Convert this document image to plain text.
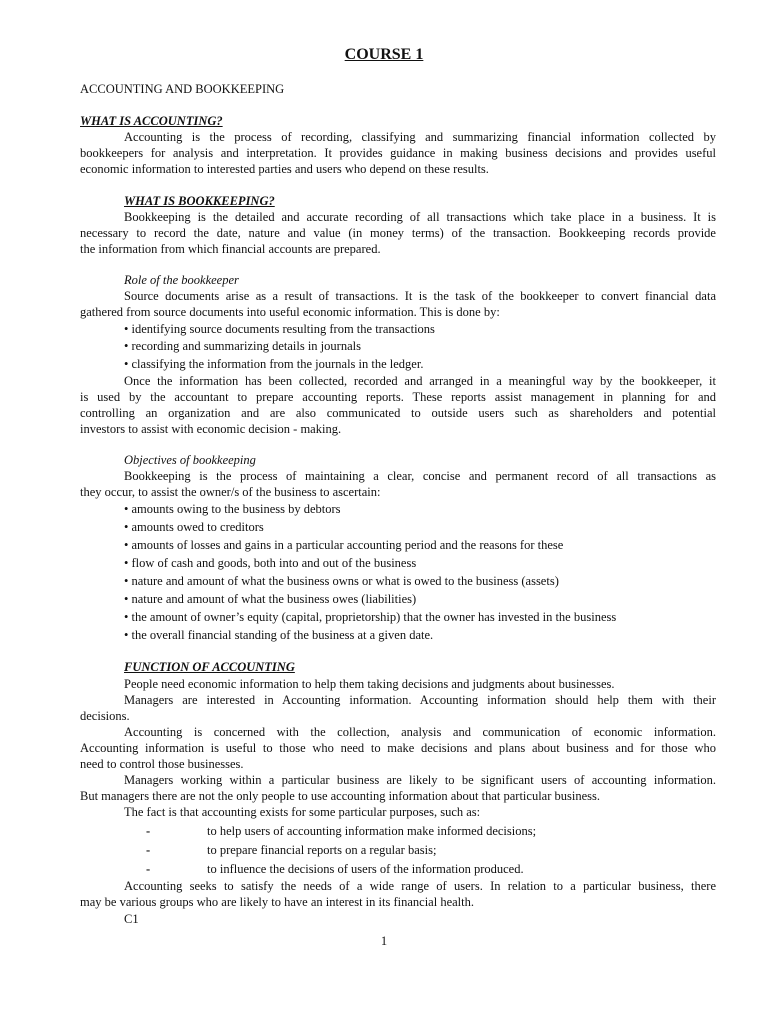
COURSE 1
ACCOUNTING AND BOOKKEEPING
WHAT IS ACCOUNTING?
Accounting is the process of recording, classifying and summarizing financial information collected by
bookkeepers for analysis and interpretation. It provides guidance in making business decisions and provides useful
economic information to interested parties and users who depend on these results.
WHAT IS BOOKKEEPING?
Bookkeeping is the detailed and accurate recording of all transactions which take place in a business. It is
necessary to record the date, nature and value (in money terms) of the transaction. Bookkeeping records provide
the information from which financial accounts are prepared.
Role of the bookkeeper
Source documents arise as a result of transactions. It is the task of the bookkeeper to convert financial data
gathered from source documents into useful economic information. This is done by:
• identifying source documents resulting from the transactions
• recording and summarizing details in journals
• classifying the information from the journals in the ledger.
Once the information has been collected, recorded and arranged in a meaningful way by the bookkeeper, it
is used by the accountant to prepare accounting reports. These reports assist management in planning for and
controlling an organization and are also communicated to outside users such as shareholders and potential
investors to assist with economic decision - making.
Objectives of bookkeeping
Bookkeeping is the process of maintaining a clear, concise and permanent record of all transactions as
they occur, to assist the owner/s of the business to ascertain:
• amounts owing to the business by debtors
• amounts owed to creditors
• amounts of losses and gains in a particular accounting period and the reasons for these
• flow of cash and goods, both into and out of the business
• nature and amount of what the business owns or what is owed to the business (assets)
• nature and amount of what the business owes (liabilities)
• the amount of owner’s equity (capital, proprietorship) that the owner has invested in the business
• the overall financial standing of the business at a given date.
FUNCTION OF ACCOUNTING
People need economic information to help them taking decisions and judgments about businesses.
Managers are interested in Accounting information. Accounting information should help them with their
decisions.
Accounting is concerned with the collection, analysis and communication of economic information.
Accounting information is useful to those who need to make decisions and plans about business and for those who
need to control those businesses.
Managers working within a particular business are likely to be significant users of accounting information.
But managers there are not the only people to use accounting information about that particular business.
The fact is that accounting exists for some particular purposes, such as:
-	to help users of accounting information make informed decisions;
-	to prepare financial reports on a regular basis;
-	to influence the decisions of users of the information produced.
Accounting seeks to satisfy the needs of a wide range of users. In relation to a particular business, there
may be various groups who are likely to have an interest in its financial health.
C1
1
